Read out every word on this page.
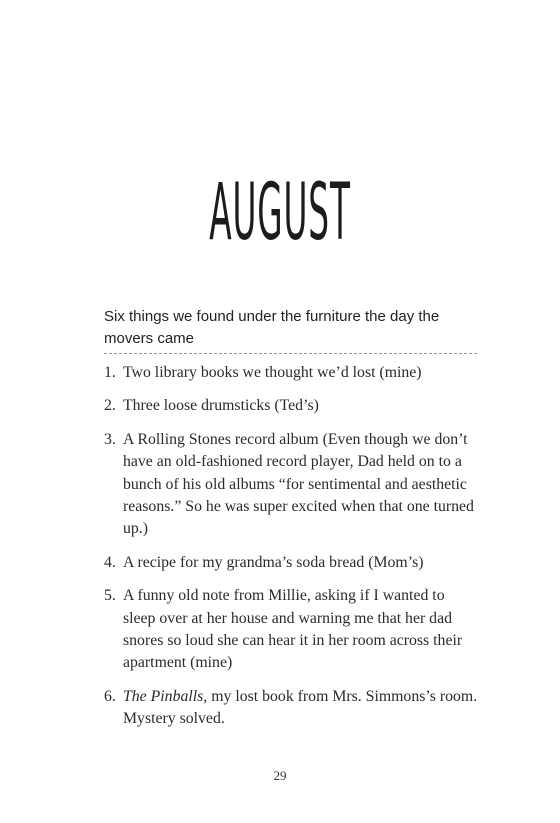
AUGUST

Six things we found under the furniture the day the movers came

1. Two library books we thought we’d lost (mine)
2. Three loose drumsticks (Ted’s)
3. A Rolling Stones record album (Even though we don’t have an old-fashioned record player, Dad held on to a bunch of his old albums “for sentimental and aesthetic reasons.” So he was super excited when that one turned up.)
4. A recipe for my grandma’s soda bread (Mom’s)
5. A funny old note from Millie, asking if I wanted to sleep over at her house and warning me that her dad snores so loud she can hear it in her room across their apartment (mine)
6. The Pinballs, my lost book from Mrs. Simmons’s room. Mystery solved.
29
